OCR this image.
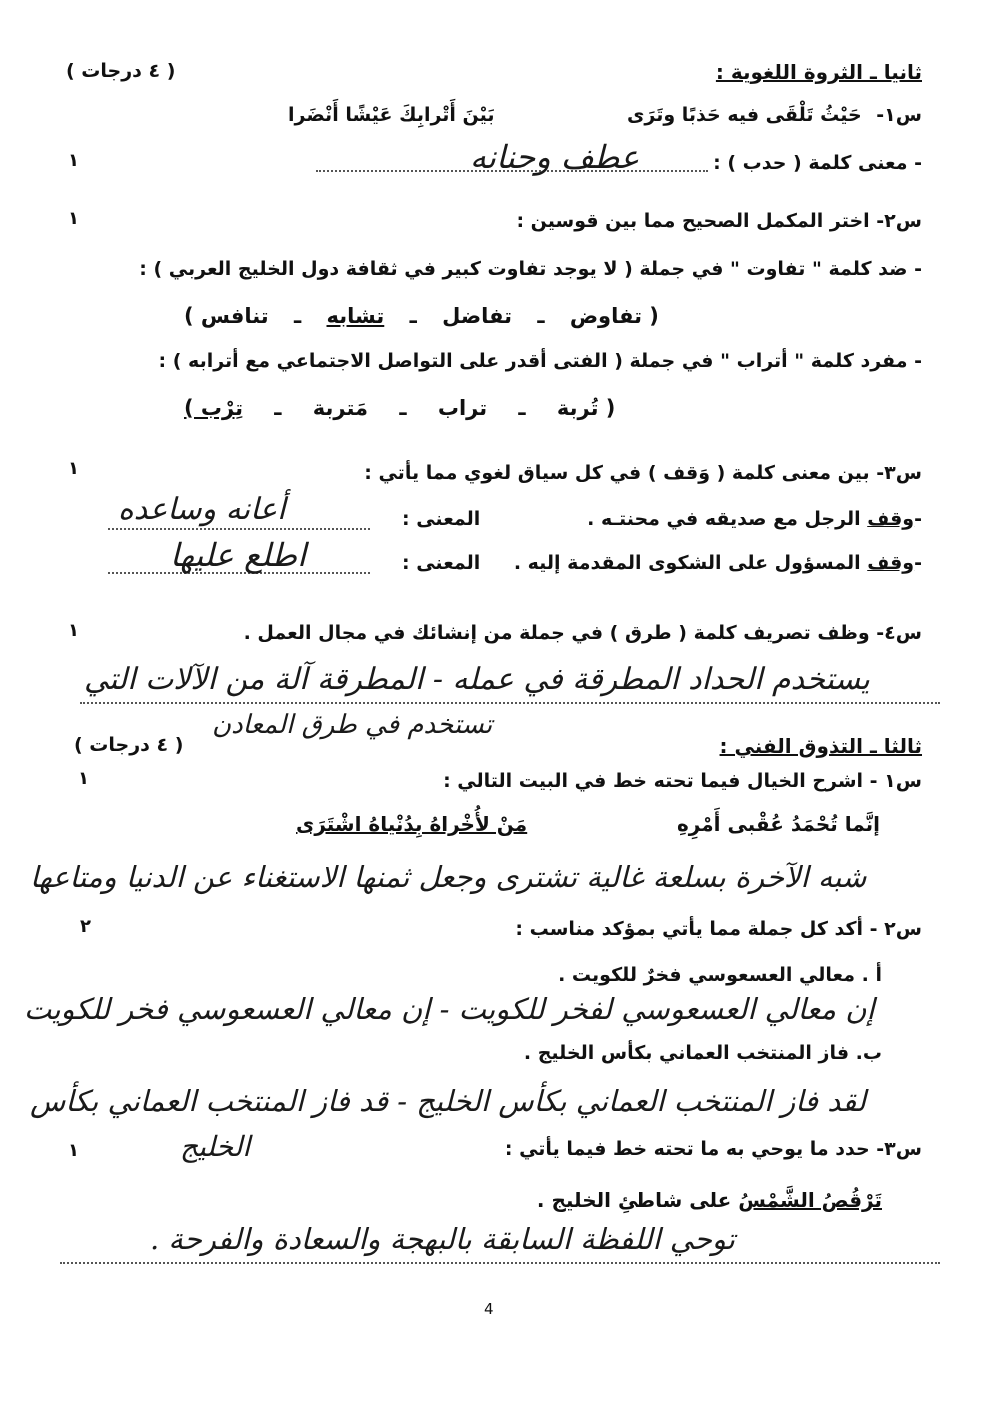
ثانيا ـ الثروة اللغوية :
( ٤ درجات )
س١- حَيْثُ تَلْقَى فيه حَذبًا وتَرَى
بَيْنَ أَتْرابِكَ عَيْشًا أَنْضَرا
- معنى كلمة ( حدب ) :
عطف وحنانه
١
س٢- اختر المكمل الصحيح مما بين قوسين :
١
- ضد كلمة " تفاوت " في جملة ( لا يوجد تفاوت كبير في ثقافة دول الخليج العربي ) :
( تفاوض ـ تفاضل ـ تشابه ـ تنافس )
- مفرد كلمة " أتراب " في جملة ( الفتى أقدر على التواصل الاجتماعي مع أترابه ) :
( تُربة ـ تراب ـ مَتربة ـ تِرْب )
س٣- بين معنى كلمة ( وَقف ) في كل سياق لغوي مما يأتي :
١
-وقف الرجل مع صديقه في محنتـه .
المعنى :
أعانه وساعده
-وقف المسؤول على الشكوى المقدمة إليه .
المعنى :
اطلع عليها
س٤- وظف تصريف كلمة ( طرق ) في جملة من إنشائك في مجال العمل .
١
يستخدم الحداد المطرقة في عمله - المطرقة آلة من الآلات التي
تستخدم في طرق المعادن
ثالثا ـ التذوق الفني :
( ٤ درجات )
س١ - اشرح الخيال فيما تحته خط في البيت التالي :
١
إنَّما تُحْمَدُ عُقْبى أَمْرِهِ
مَنْ لأُخْراهُ بِدُنْياهُ اشْتَرَى
شبه الآخرة بسلعة غالية تشترى وجعل ثمنها الاستغناء عن الدنيا ومتاعها
س٢ - أكد كل جملة مما يأتي بمؤكد مناسب :
٢
أ . معالي العسعوسي فخرٌ للكويت .
إن معالي العسعوسي لفخر للكويت - إن معالي العسعوسي فخر للكويت
ب. فاز المنتخب العماني بكأس الخليج .
لقد فاز المنتخب العماني بكأس الخليج - قد فاز المنتخب العماني بكأس
الخليج	س٣- حدد ما يوحي به ما تحته خط فيما يأتي :
١
تَرْقُصُ الشَّمْسُ على شاطئِ الخليج .
توحي اللفظة السابقة بالبهجة والسعادة والفرحة .
4
